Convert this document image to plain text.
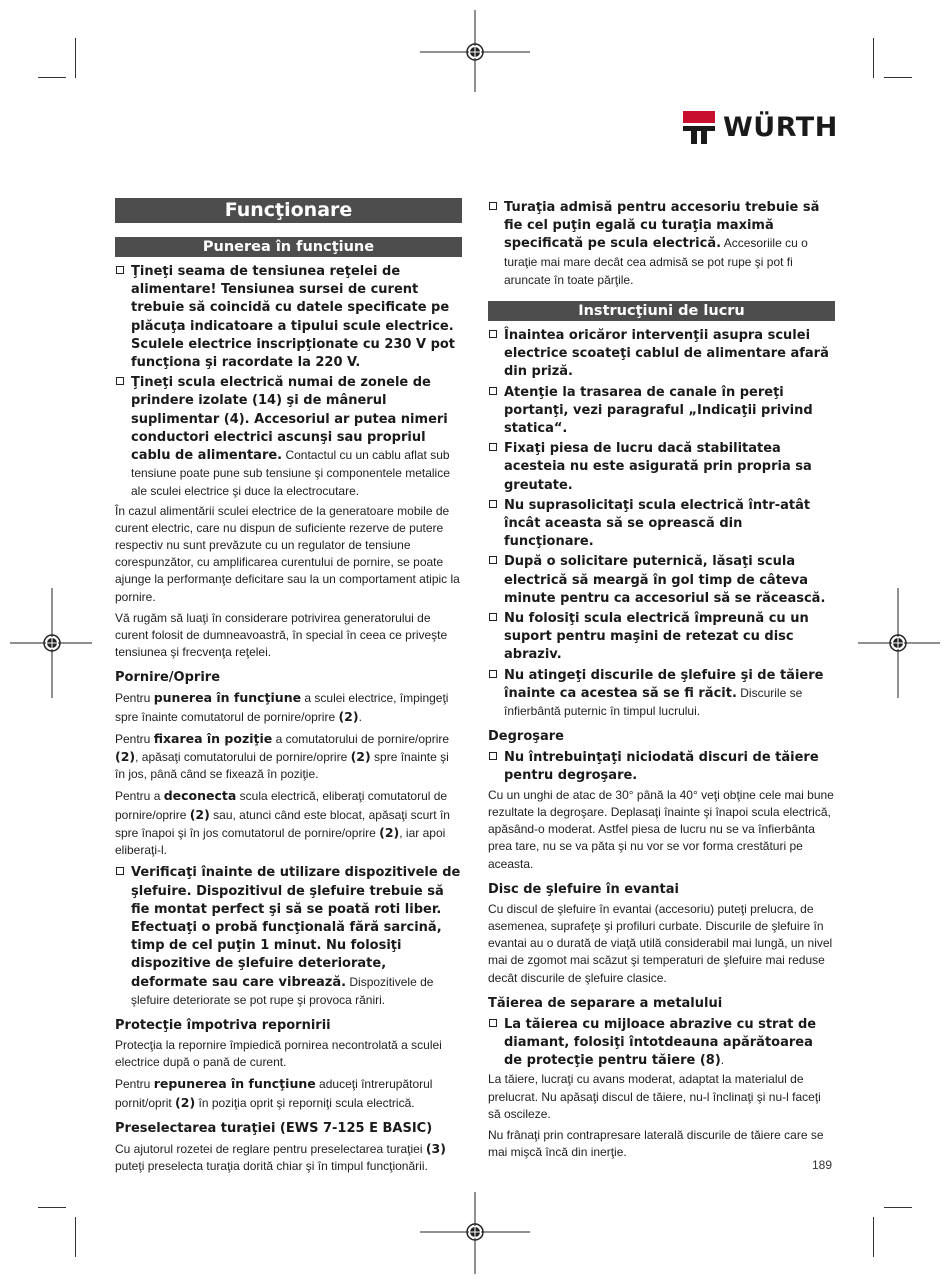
WÜRTH
Funcţionare
Punerea în funcţiune
Ţineţi seama de tensiunea reţelei de alimentare! Tensiunea sursei de curent trebuie să coincidă cu datele specificate pe plăcuţa indicatoare a tipului scule electrice. Sculele electrice inscripţionate cu 230 V pot funcţiona şi racordate la 220 V.
Ţineţi scula electrică numai de zonele de prindere izolate (14) şi de mânerul suplimentar (4). Accesoriul ar putea nimeri conductori electrici ascunşi sau propriul cablu de alimentare. Contactul cu un cablu aflat sub tensiune poate pune sub tensiune şi componentele metalice ale sculei electrice şi duce la electrocutare.

În cazul alimentării sculei electrice de la generatoare mobile de curent electric, care nu dispun de suficiente rezerve de putere respectiv nu sunt prevăzute cu un regulator de tensiune corespunzător, cu amplificarea curentului de pornire, se poate ajunge la performanţe deficitare sau la un comportament atipic la pornire.

Vă rugăm să luaţi în considerare potrivirea generatorului de curent folosit de dumneavoastră, în special în ceea ce priveşte tensiunea şi frecvenţa reţelei.

Pornire/Oprire

Pentru punerea în funcţiune a sculei electrice, împingeţi spre înainte comutatorul de pornire/oprire (2).

Pentru fixarea în poziţie a comutatorului de pornire/oprire (2), apăsaţi comutatorului de pornire/oprire (2) spre înainte şi în jos, până când se fixează în poziţie.

Pentru a deconecta scula electrică, eliberaţi comutatorul de pornire/oprire (2) sau, atunci când este blocat, apăsaţi scurt în spre înapoi şi în jos comutatorul de pornire/oprire (2), iar apoi eliberaţi-l.

Verificaţi înainte de utilizare dispozitivele de şlefuire. Dispozitivul de şlefuire trebuie să fie montat perfect şi să se poată roti liber. Efectuaţi o probă funcţională fără sarcină, timp de cel puţin 1 minut. Nu folosiţi dispozitive de şlefuire deteriorate, deformate sau care vibrează. Dispozitivele de şlefuire deteriorate se pot rupe şi provoca răniri.
Protecţie împotriva repornirii

Protecţia la repornire împiedică pornirea necontrolată a sculei electrice după o pană de curent.

Pentru repunerea în funcţiune aduceţi întrerupătorul pornit/oprit (2) în poziţia oprit şi reporniţi scula electrică.

Preselectarea turaţiei (EWS 7-125 E BASIC)

Cu ajutorul rozetei de reglare pentru preselectarea turaţiei (3) puteţi preselecta turaţia dorită chiar şi în timpul funcţionării.

Turaţia admisă pentru accesoriu trebuie să fie cel puţin egală cu turaţia maximă specificată pe scula electrică. Accesoriile cu o turaţie mai mare decât cea admisă se pot rupe şi pot fi aruncate în toate părţile.
Instrucţiuni de lucru
Înaintea oricăror intervenţii asupra sculei electrice scoateţi cablul de alimentare afară din priză.
Atenţie la trasarea de canale în pereţi portanţi, vezi paragraful „Indicaţii privind statica“.
Fixaţi piesa de lucru dacă stabilitatea acesteia nu este asigurată prin propria sa greutate.
Nu suprasolicitaţi scula electrică într-atât încât aceasta să se oprească din funcţionare.
După o solicitare puternică, lăsaţi scula electrică să meargă în gol timp de câteva minute pentru ca accesoriul să se răcească.
Nu folosiţi scula electrică împreună cu un suport pentru maşini de retezat cu disc abraziv.
Nu atingeţi discurile de şlefuire şi de tăiere înainte ca acestea să se fi răcit. Discurile se înfierbântă puternic în timpul lucrului.
Degroşare
Nu întrebuinţaţi niciodată discuri de tăiere pentru degroşare.

Cu un unghi de atac de 30° până la 40° veţi obţine cele mai bune rezultate la degroşare. Deplasaţi înainte şi înapoi scula electrică, apăsând-o moderat. Astfel piesa de lucru nu se va înfierbânta prea tare, nu se va păta şi nu vor se vor forma crestături pe aceasta.

Disc de şlefuire în evantai

Cu discul de şlefuire în evantai (accesoriu) puteţi prelucra, de asemenea, suprafeţe şi profiluri curbate. Discurile de şlefuire în evantai au o durată de viaţă utilă considerabil mai lungă, un nivel mai de zgomot mai scăzut şi temperaturi de şlefuire mai reduse decât discurile de şlefuire clasice.

Tăierea de separare a metalului
La tăierea cu mijloace abrazive cu strat de diamant, folosiţi întotdeauna apărătoarea de protecţie pentru tăiere (8).

La tăiere, lucraţi cu avans moderat, adaptat la materialul de prelucrat. Nu apăsaţi discul de tăiere, nu-l înclinaţi şi nu-l faceţi să oscileze.

Nu frânaţi prin contrapresare laterală discurile de tăiere care se mai mişcă încă din inerţie.

189
